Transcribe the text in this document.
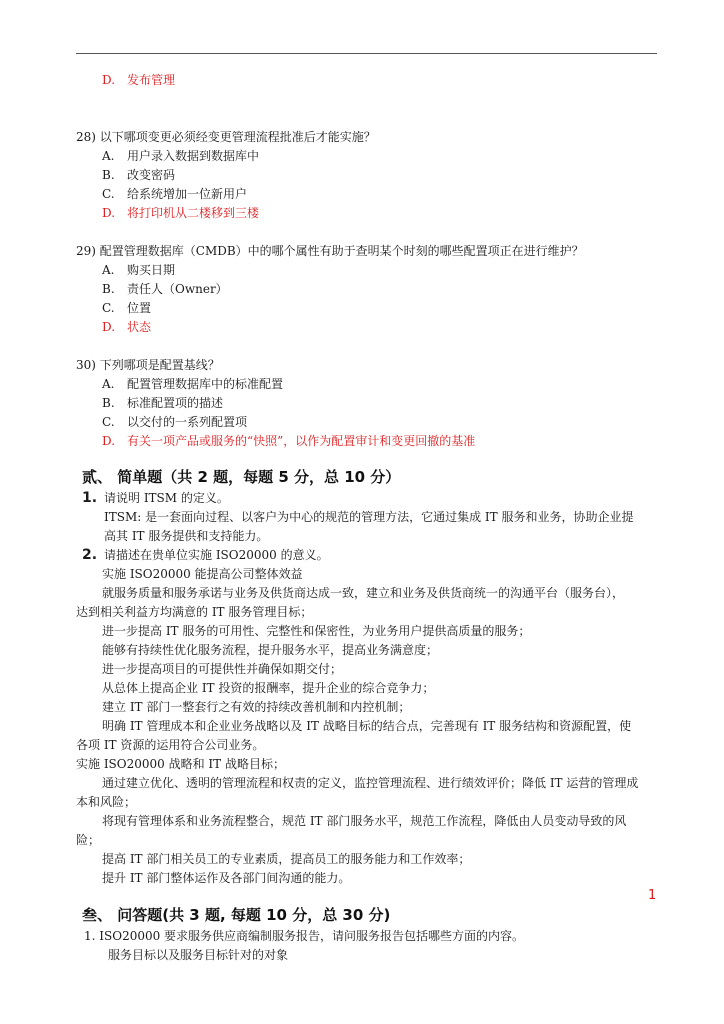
D. 发布管理
28) 以下哪项变更必须经变更管理流程批准后才能实施？
A. 用户录入数据到数据库中
B. 改变密码
C. 给系统增加一位新用户
D. 将打印机从二楼移到三楼
29) 配置管理数据库（CMDB）中的哪个属性有助于查明某个时刻的哪些配置项正在进行维护？
A. 购买日期
B. 责任人（Owner）
C. 位置
D. 状态
30) 下列哪项是配置基线？
A. 配置管理数据库中的标准配置
B. 标准配置项的描述
C. 以交付的一系列配置项
D. 有关一项产品或服务的“快照”，以作为配置审计和变更回撤的基准
贰、 简单题（共 2 题，每题 5 分，总 10 分）
1. 请说明 ITSM 的定义。
ITSM: 是一套面向过程、以客户为中心的规范的管理方法，它通过集成 IT 服务和业务，协助企业提
高其 IT 服务提供和支持能力。
2. 请描述在贵单位实施 ISO20000 的意义。
实施 ISO20000 能提高公司整体效益
就服务质量和服务承诺与业务及供货商达成一致，建立和业务及供货商统一的沟通平台（服务台），
达到相关利益方均满意的 IT 服务管理目标；
进一步提高 IT 服务的可用性、完整性和保密性，为业务用户提供高质量的服务；
能够有持续性优化服务流程，提升服务水平，提高业务满意度；
进一步提高项目的可提供性并确保如期交付；
从总体上提高企业 IT 投资的报酬率，提升企业的综合竞争力；
建立 IT 部门一整套行之有效的持续改善机制和内控机制；
明确 IT 管理成本和企业业务战略以及 IT 战略目标的结合点，完善现有 IT 服务结构和资源配置，使
各项 IT 资源的运用符合公司业务。
实施 ISO20000 战略和 IT 战略目标；
通过建立优化、透明的管理流程和权责的定义，监控管理流程、进行绩效评价；降低 IT 运营的管理成
本和风险；
将现有管理体系和业务流程整合，规范 IT 部门服务水平，规范工作流程，降低由人员变动导致的风
险；
提高 IT 部门相关员工的专业素质，提高员工的服务能力和工作效率；
提升 IT 部门整体运作及各部门间沟通的能力。
1
叁、 问答题(共 3 题, 每题 10 分，总 30 分)
1. ISO20000 要求服务供应商编制服务报告，请问服务报告包括哪些方面的内容。
服务目标以及服务目标针对的对象
